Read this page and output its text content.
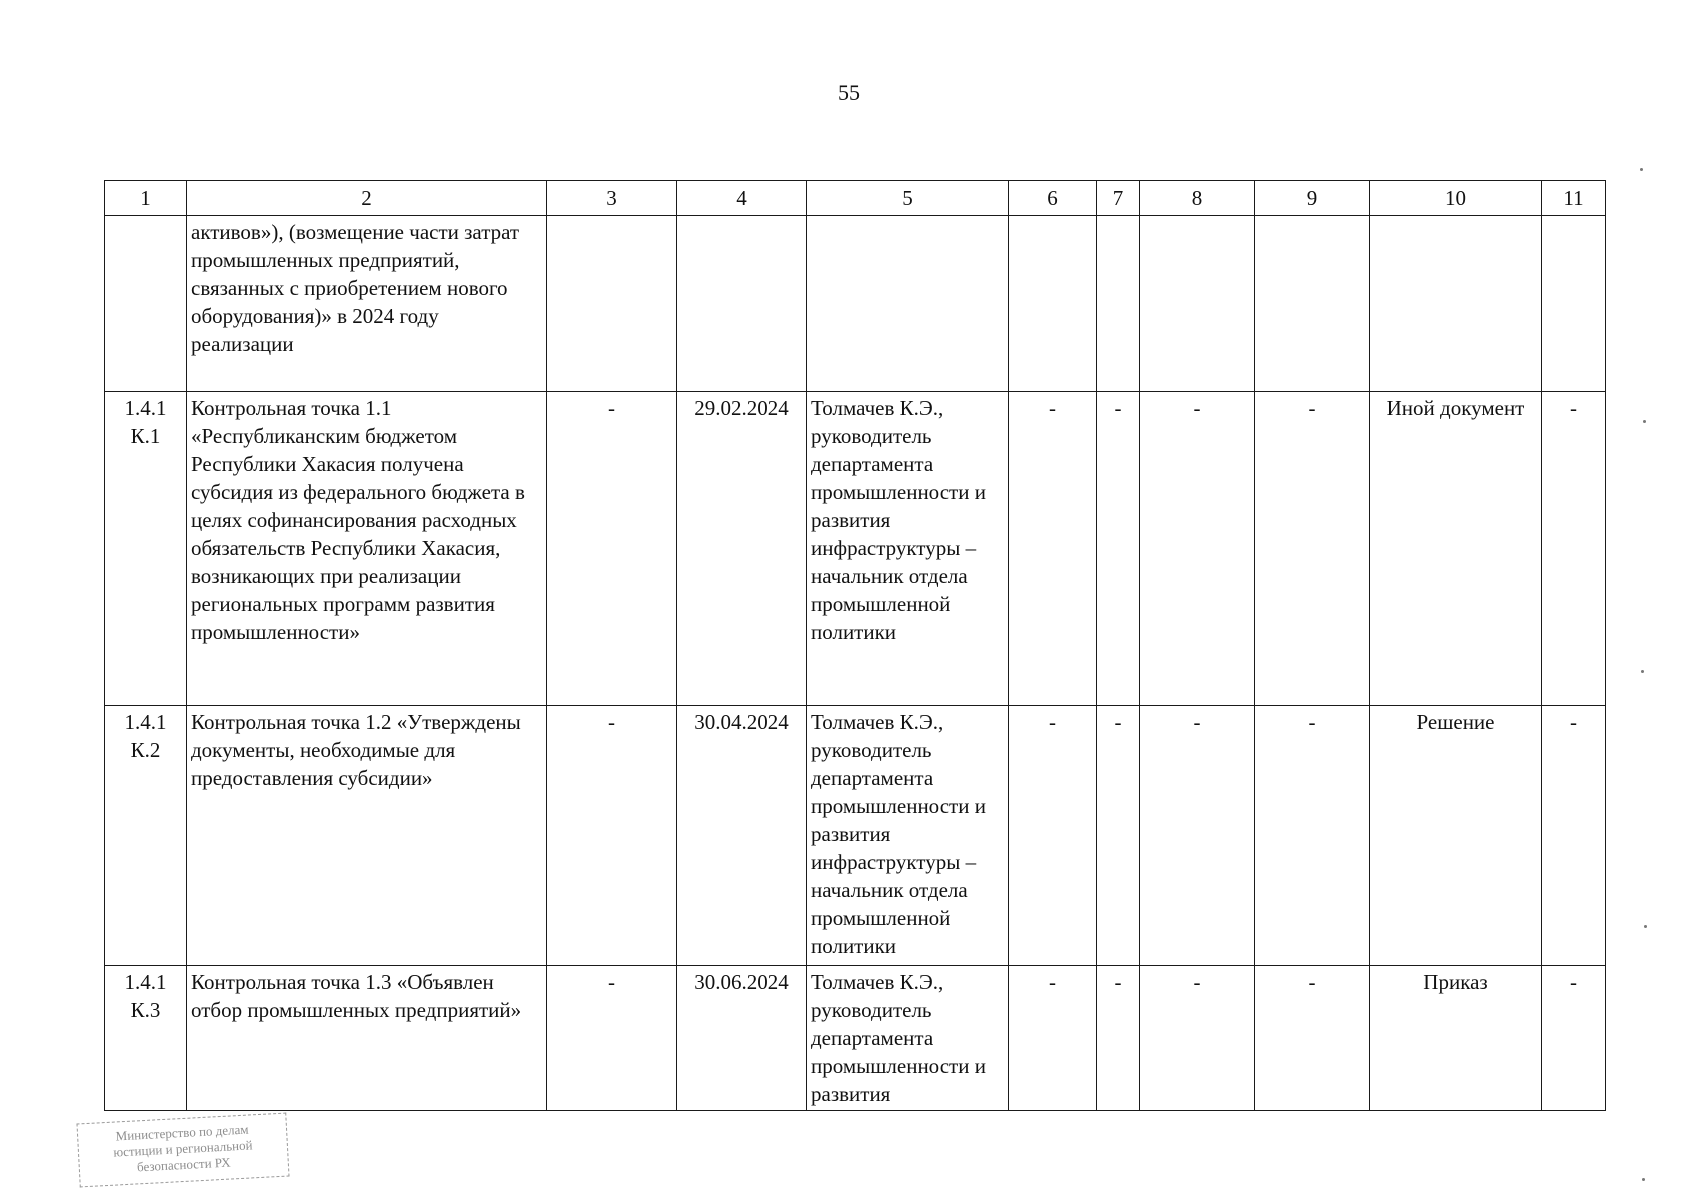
55
1	2	3	4	5	6	7	8	9	10	11
	активов»), (возмещение части затрат промышленных предприятий, связанных с приобретением нового оборудования)» в 2024 году реализации									
1.4.1 К.1	Контрольная точка 1.1 «Республиканским бюджетом Республики Хакасия получена субсидия из федерального бюджета в целях софинансирования расходных обязательств Республики Хакасия, возникающих при реализации региональных программ развития промышленности»	-	29.02.2024	Толмачев К.Э., руководитель департамента промышленности и развития инфраструктуры – начальник отдела промышленной политики	-	-	-	-	Иной документ	-
1.4.1 К.2	Контрольная точка 1.2 «Утверждены документы, необходимые для предоставления субсидии»	-	30.04.2024	Толмачев К.Э., руководитель департамента промышленности и развития инфраструктуры – начальник отдела промышленной политики	-	-	-	-	Решение	-
1.4.1 К.3	Контрольная точка 1.3 «Объявлен отбор промышленных предприятий»	-	30.06.2024	Толмачев К.Э., руководитель департамента промышленности и развития	-	-	-	-	Приказ	-
Министерство по делам
юстиции и региональной
безопасности РХ
